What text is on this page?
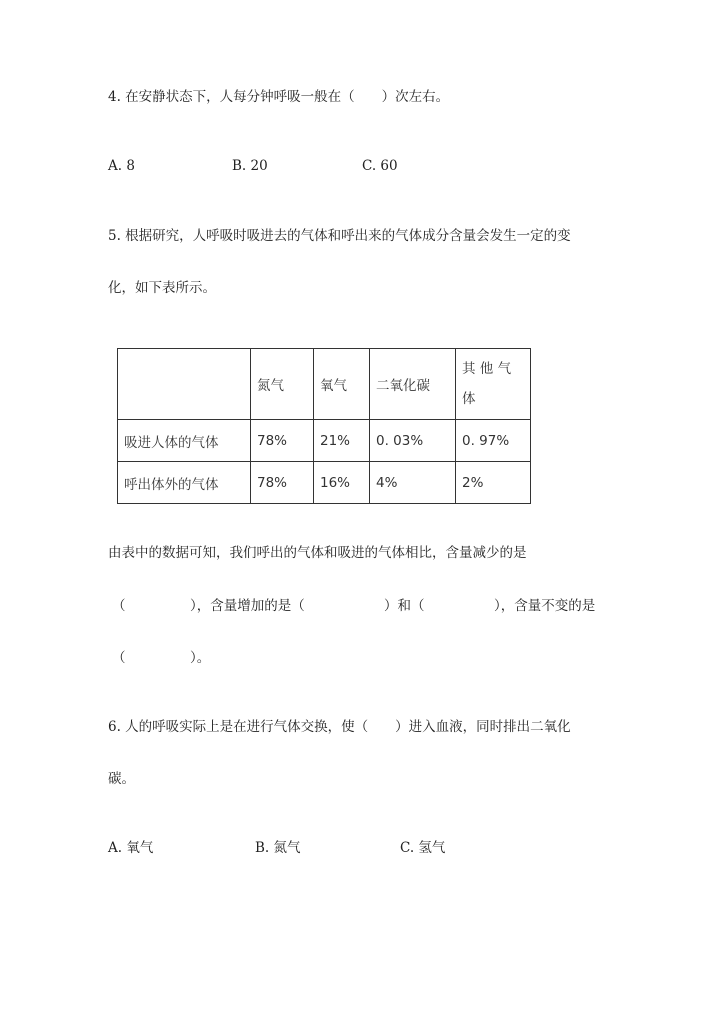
4. 在安静状态下，人每分钟呼吸一般在（　　）次左右。
A. 8	B. 20	C. 60
5. 根据研究，人呼吸时吸进去的气体和呼出来的气体成分含量会发生一定的变
化，如下表所示。
	氮气	氧气	二氧化碳	其 他 气 体
吸进人体的气体	78%	21%	0. 03%	0. 97%
呼出体外的气体	78%	16%	4%	2%
由表中的数据可知，我们呼出的气体和吸进的气体相比，含量减少的是
（	），含量增加的是（	）和（	），含量不变的是
（	）。
6. 人的呼吸实际上是在进行气体交换，使（　　）进入血液，同时排出二氧化
碳。
A. 氧气	B. 氮气	C. 氢气
